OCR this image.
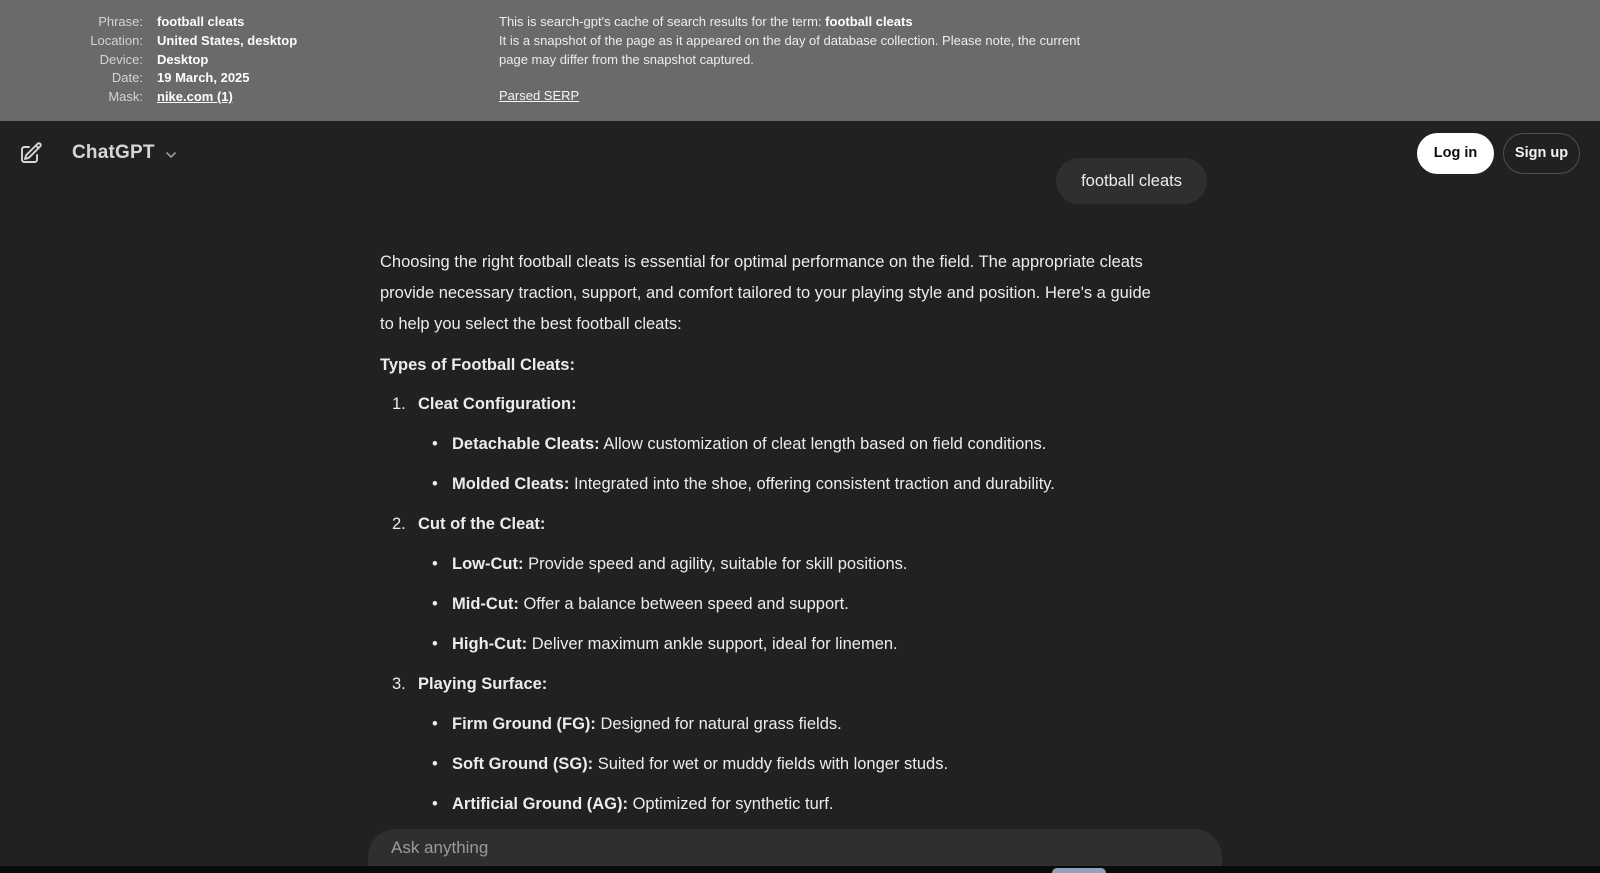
Phrase: football cleats
Location: United States, desktop
Device: Desktop
Date: 19 March, 2025
Mask: nike.com (1)
This is search-gpt's cache of search results for the term: football cleats
It is a snapshot of the page as it appeared on the day of database collection. Please note, the current page may differ from the snapshot captured.
Parsed SERP
ChatGPT	Log in	Sign up
football cleats

Choosing the right football cleats is essential for optimal performance on the field. The appropriate cleats provide necessary traction, support, and comfort tailored to your playing style and position. Here's a guide to help you select the best football cleats:

Types of Football Cleats:
1. Cleat Configuration:
• Detachable Cleats: Allow customization of cleat length based on field conditions.
• Molded Cleats: Integrated into the shoe, offering consistent traction and durability.
2. Cut of the Cleat:
• Low-Cut: Provide speed and agility, suitable for skill positions.
• Mid-Cut: Offer a balance between speed and support.
• High-Cut: Deliver maximum ankle support, ideal for linemen.
3. Playing Surface:
• Firm Ground (FG): Designed for natural grass fields.
• Soft Ground (SG): Suited for wet or muddy fields with longer studs.
• Artificial Ground (AG): Optimized for synthetic turf.
Ask anything
